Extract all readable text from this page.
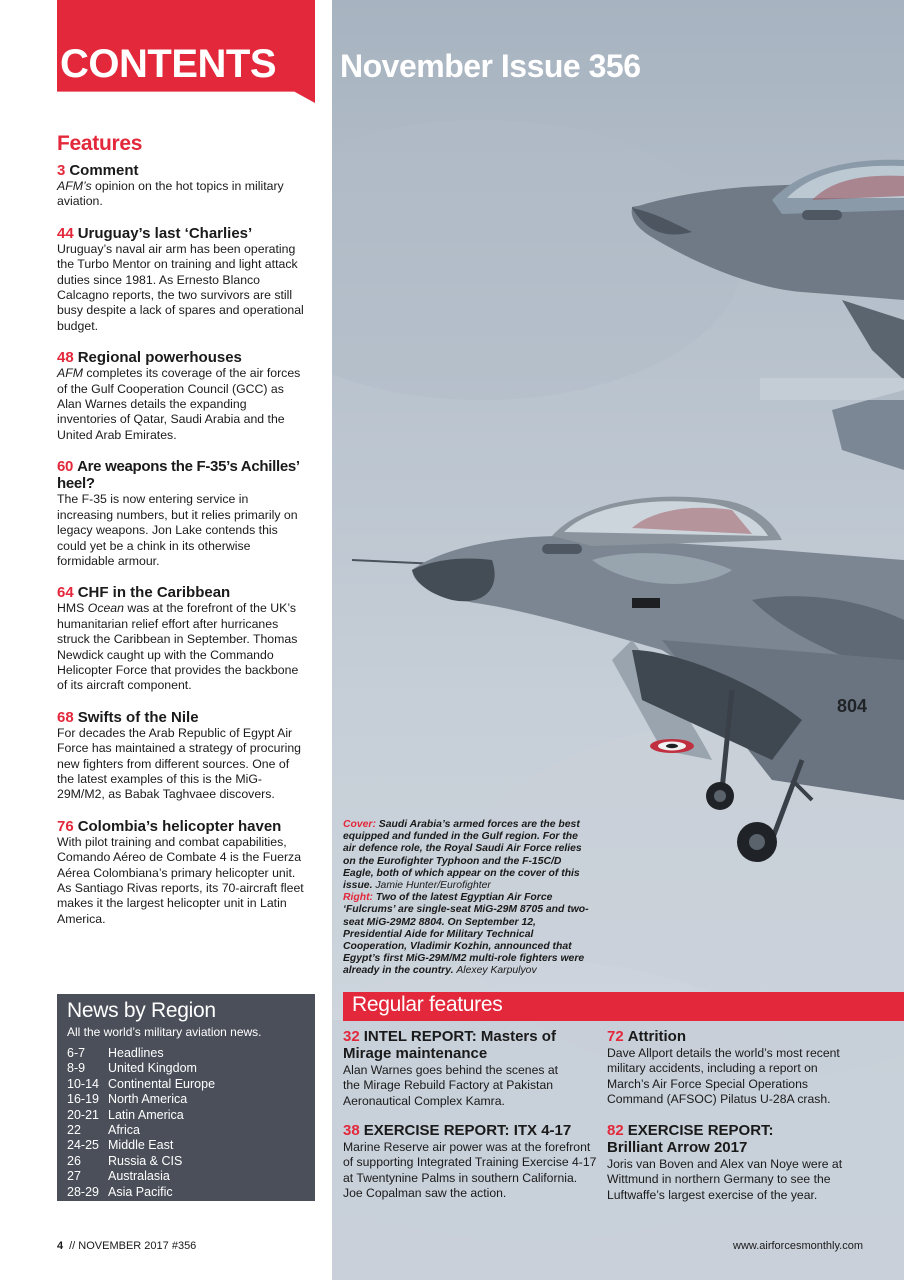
804
November Issue 356
CONTENTS
Features
3 Comment
AFM’s opinion on the hot topics in military aviation.
44 Uruguay’s last ‘Charlies’
Uruguay’s naval air arm has been operating the Turbo Mentor on training and light attack duties since 1981. As Ernesto Blanco Calcagno reports, the two survivors are still busy despite a lack of spares and operational budget.
48 Regional powerhouses
AFM completes its coverage of the air forces of the Gulf Cooperation Council (GCC) as Alan Warnes details the expanding inventories of Qatar, Saudi Arabia and the United Arab Emirates.
60 Are weapons the F-35’s Achilles’ heel?
The F-35 is now entering service in increasing numbers, but it relies primarily on legacy weapons. Jon Lake contends this could yet be a chink in its otherwise formidable armour.
64 CHF in the Caribbean
HMS Ocean was at the forefront of the UK’s humanitarian relief effort after hurricanes struck the Caribbean in September. Thomas Newdick caught up with the Commando Helicopter Force that provides the backbone of its aircraft component.
68 Swifts of the Nile
For decades the Arab Republic of Egypt Air Force has maintained a strategy of procuring new fighters from different sources. One of the latest examples of this is the MiG-29M/M2, as Babak Taghvaee discovers.
76 Colombia’s helicopter haven
With pilot training and combat capabilities, Comando Aéreo de Combate 4 is the Fuerza Aérea Colombiana’s primary helicopter unit. As Santiago Rivas reports, its 70-aircraft fleet makes it the largest helicopter unit in Latin America.
News by Region
All the world’s military aviation news.
6-7	Headlines
8-9	United Kingdom
10-14 Continental Europe
16-19 North America
20-21 Latin America
22	Africa
24-25 Middle East
26	Russia & CIS
27	Australasia
28-29 Asia Pacific
Cover: Saudi Arabia’s armed forces are the best equipped and funded in the Gulf region. For the air defence role, the Royal Saudi Air Force relies on the Eurofighter Typhoon and the F-15C/D Eagle, both of which appear on the cover of this issue. Jamie Hunter/Eurofighter
Right: Two of the latest Egyptian Air Force ‘Fulcrums’ are single-seat MiG-29M 8705 and two-seat MiG-29M2 8804. On September 12, Presidential Aide for Military Technical Cooperation, Vladimir Kozhin, announced that Egypt’s first MiG-29M/M2 multi-role fighters were already in the country. Alexey Karpulyov
Regular features
32 INTEL REPORT: Masters of Mirage maintenance
Alan Warnes goes behind the scenes at the Mirage Rebuild Factory at Pakistan Aeronautical Complex Kamra.
38 EXERCISE REPORT: ITX 4-17
Marine Reserve air power was at the forefront of supporting Integrated Training Exercise 4-17 at Twentynine Palms in southern California. Joe Copalman saw the action.
72 Attrition
Dave Allport details the world’s most recent military accidents, including a report on March’s Air Force Special Operations Command (AFSOC) Pilatus U-28A crash.
82 EXERCISE REPORT: Brilliant Arrow 2017
Joris van Boven and Alex van Noye were at Wittmund in northern Germany to see the Luftwaffe’s largest exercise of the year.
4 // NOVEMBER 2017 #356	www.airforcesmonthly.com
